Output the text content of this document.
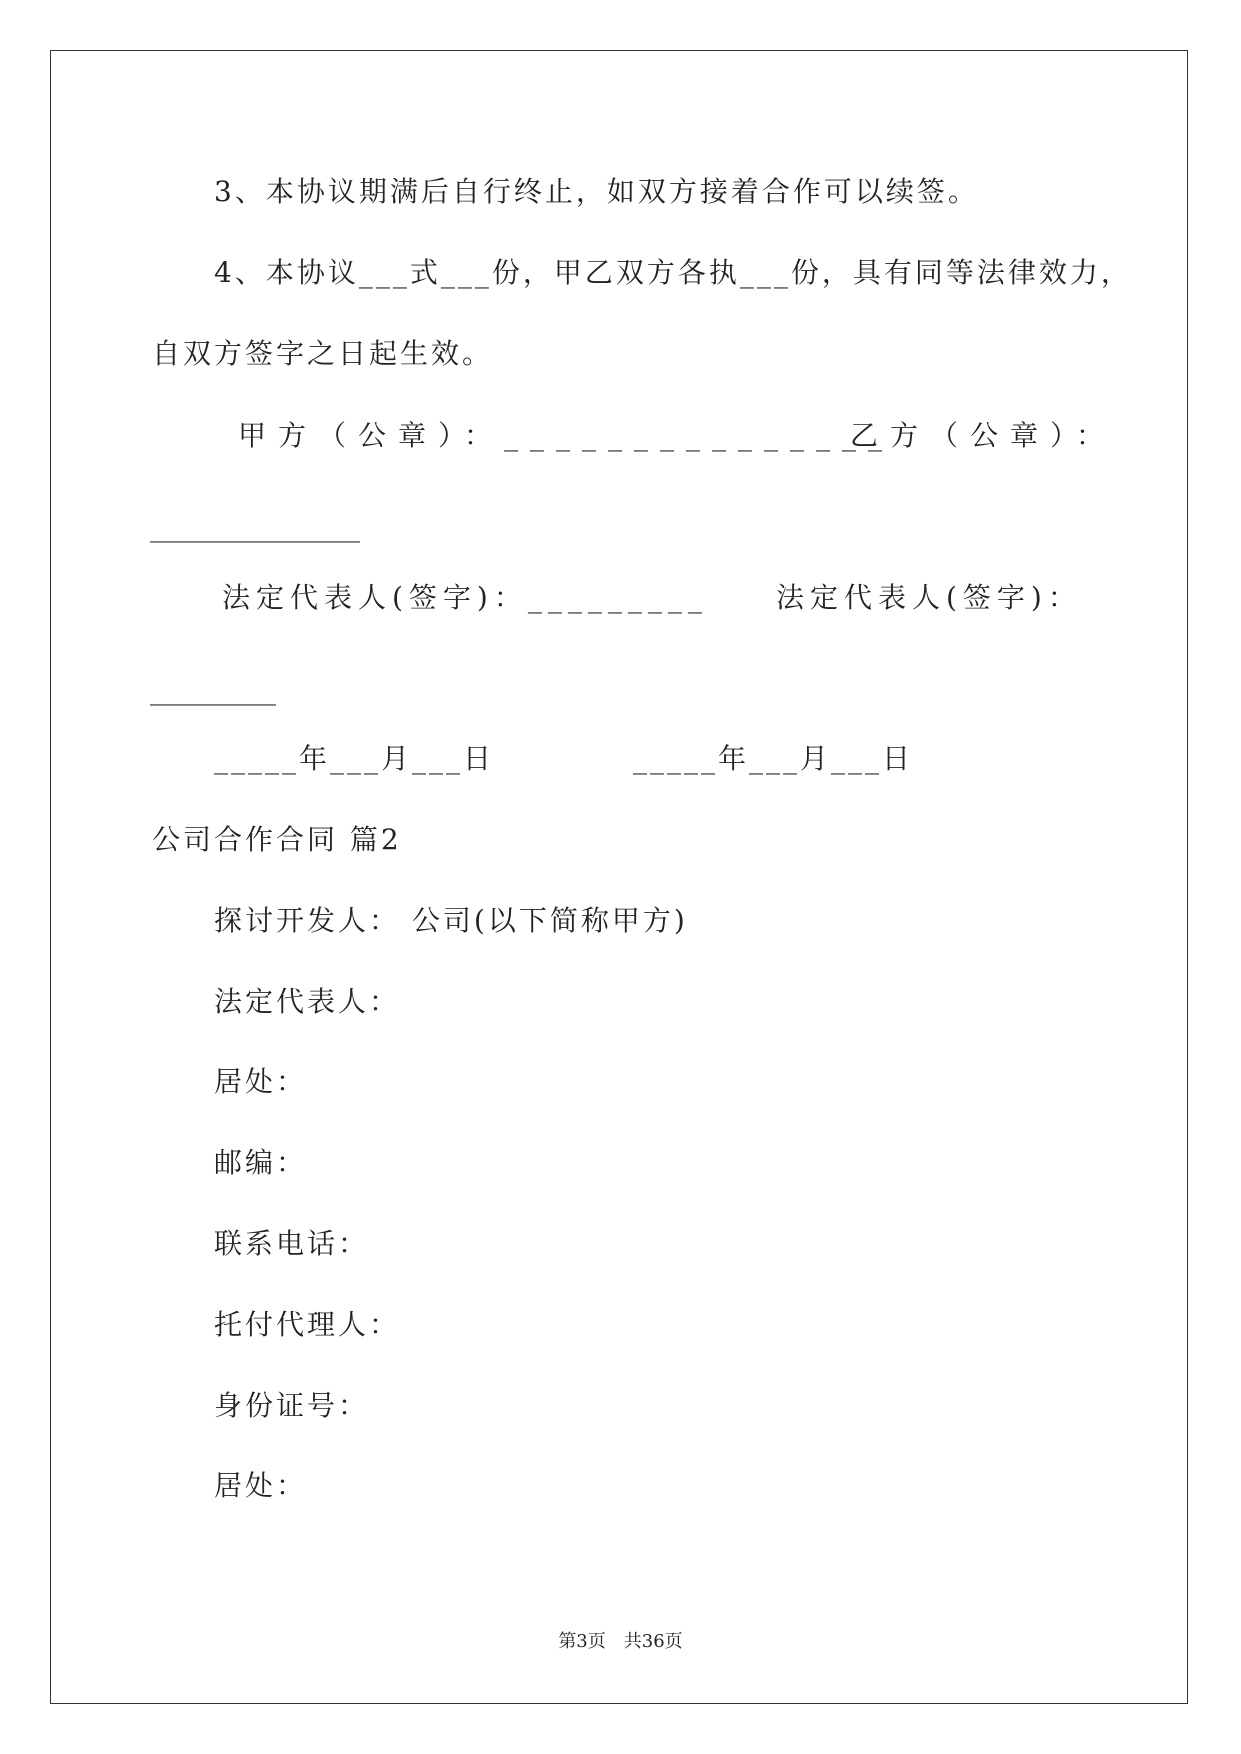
3、本协议期满后自行终止，如双方接着合作可以续签。
4、本协议___式___份，甲乙双方各执___份，具有同等法律效力，
自双方签字之日起生效。
甲方（公章）：_______________
乙方（公章）：
_______________
法定代表人(签字)：_________ 法定代表人(签字)：
_________
_____年___月___日	_____年___月___日
公司合作合同 篇2
探讨开发人： 公司(以下简称甲方)
法定代表人：
居处：
邮编：
联系电话：
托付代理人：
身份证号：
居处：
第3页　共36页
